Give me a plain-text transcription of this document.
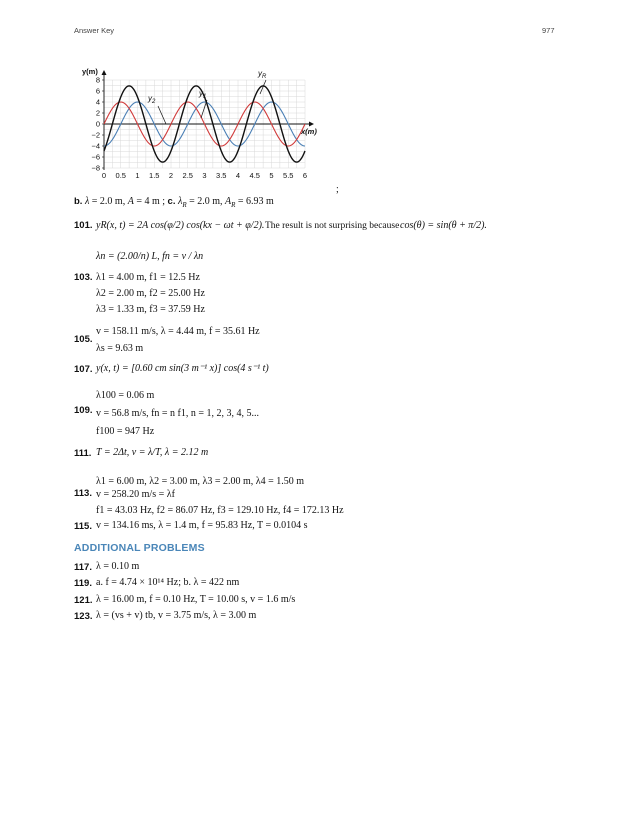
Answer Key	977
0 0.5 1 1.5 2 2.5 3 3.5 4 4.5 5 5.5 6
8
6
4
2
0
−2
−4
−6
−8
y(m)
x(m)
$y_2$
$y_1$
$y_R$
;
b. λ = 2.0 m, A = 4 m ; c. $\lambda_R = 2.0$ m, $A_R = 6.93$ m
101. yR(x, t) = 2A cos(φ/2) cos(kx − ωt + φ/2). The result is not surprising because cos(θ) = sin(θ + π/2).
λn = (2.00/n) L, fn = v / λn
103. λ1 = 4.00 m, f1 = 12.5 Hz
λ2 = 2.00 m, f2 = 25.00 Hz
λ3 = 1.33 m, f3 = 37.59 Hz
v = 158.11 m/s, λ = 4.44 m, f = 35.61 Hz
105.
λs = 9.63 m
107. y(x, t) = [0.60 cm sin(3 m⁻¹ x)] cos(4 s⁻¹ t)
λ100 = 0.06 m
109. v = 56.8 m/s, fn = n f1, n = 1, 2, 3, 4, 5...
f100 = 947 Hz
111. T = 2Δt, v = λ/T, λ = 2.12 m
λ1 = 6.00 m, λ2 = 3.00 m, λ3 = 2.00 m, λ4 = 1.50 m
113. v = 258.20 m/s = λf
f1 = 43.03 Hz, f2 = 86.07 Hz, f3 = 129.10 Hz, f4 = 172.13 Hz
115. v = 134.16 ms, λ = 1.4 m, f = 95.83 Hz, T = 0.0104 s
ADDITIONAL PROBLEMS
117. λ = 0.10 m
119. a. f = 4.74 × 10¹⁴ Hz; b. λ = 422 nm
121. λ = 16.00 m, f = 0.10 Hz, T = 10.00 s, v = 1.6 m/s
123. λ = (vs + v) tb, v = 3.75 m/s, λ = 3.00 m
